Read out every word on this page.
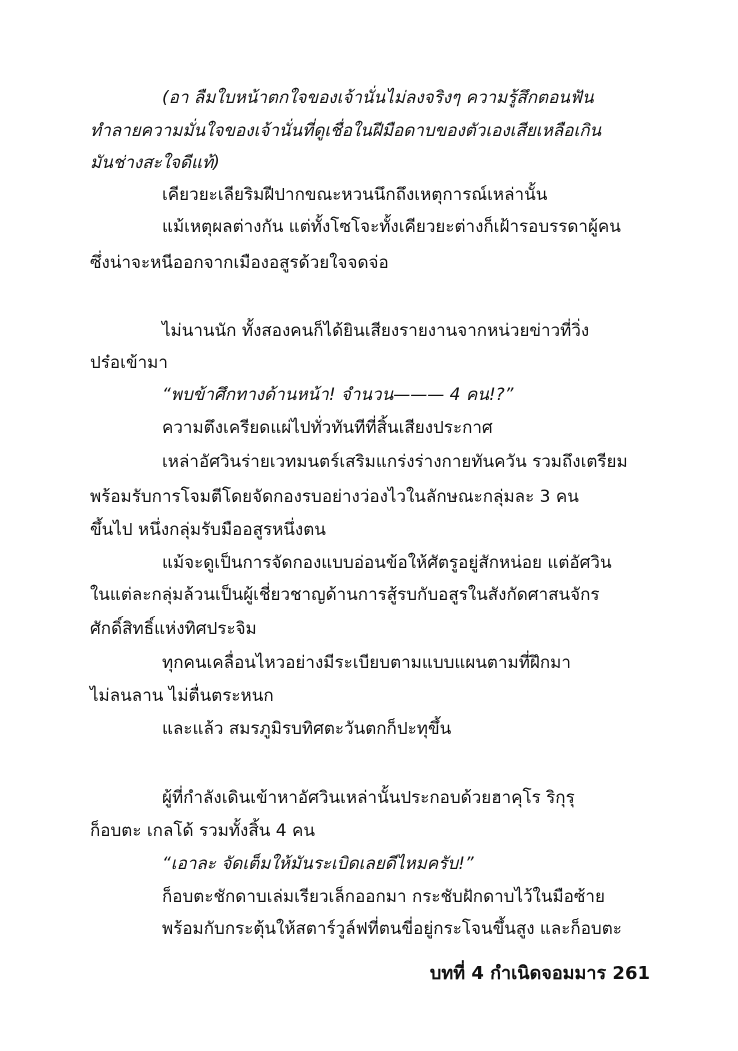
(อา ลืมใบหน้าตกใจของเจ้านั่นไม่ลงจริงๆ ความรู้สึกตอนฟัน
ทำลายความมั่นใจของเจ้านั่นที่ดูเชื่อในฝีมือดาบของตัวเองเสียเหลือเกิน
มันช่างสะใจดีแท้)
เคียวยะเลียริมฝีปากขณะหวนนึกถึงเหตุการณ์เหล่านั้น
แม้เหตุผลต่างกัน แต่ทั้งโซโจะทั้งเคียวยะต่างก็เฝ้ารอบรรดาผู้คน
ซึ่งน่าจะหนีออกจากเมืองอสูรด้วยใจจดจ่อ
ไม่นานนัก ทั้งสองคนก็ได้ยินเสียงรายงานจากหน่วยข่าวที่วิ่ง
ปร๋อเข้ามา
“พบข้าศึกทางด้านหน้า! จำนวน——— 4 คน!?”
ความตึงเครียดแผ่ไปทั่วทันทีที่สิ้นเสียงประกาศ
เหล่าอัศวินร่ายเวทมนตร์เสริมแกร่งร่างกายทันควัน รวมถึงเตรียม
พร้อมรับการโจมตีโดยจัดกองรบอย่างว่องไวในลักษณะกลุ่มละ 3 คน
ขึ้นไป หนึ่งกลุ่มรับมืออสูรหนึ่งตน
แม้จะดูเป็นการจัดกองแบบอ่อนข้อให้ศัตรูอยู่สักหน่อย แต่อัศวิน
ในแต่ละกลุ่มล้วนเป็นผู้เชี่ยวชาญด้านการสู้รบกับอสูรในสังกัดศาสนจักร
ศักดิ์สิทธิ์แห่งทิศประจิม
ทุกคนเคลื่อนไหวอย่างมีระเบียบตามแบบแผนตามที่ฝึกมา
ไม่ลนลาน ไม่ตื่นตระหนก
และแล้ว สมรภูมิรบทิศตะวันตกก็ปะทุขึ้น
ผู้ที่กำลังเดินเข้าหาอัศวินเหล่านั้นประกอบด้วยฮาคุโร ริกุรุ
ก็อบตะ เกลโด้ รวมทั้งสิ้น 4 คน
“เอาละ จัดเต็มให้มันระเบิดเลยดีไหมครับ!”
ก็อบตะชักดาบเล่มเรียวเล็กออกมา กระชับฝักดาบไว้ในมือซ้าย
พร้อมกับกระตุ้นให้สตาร์วูล์ฟที่ตนขี่อยู่กระโจนขึ้นสูง และก็อบตะ
บทที่ 4 กำเนิดจอมมาร 261
